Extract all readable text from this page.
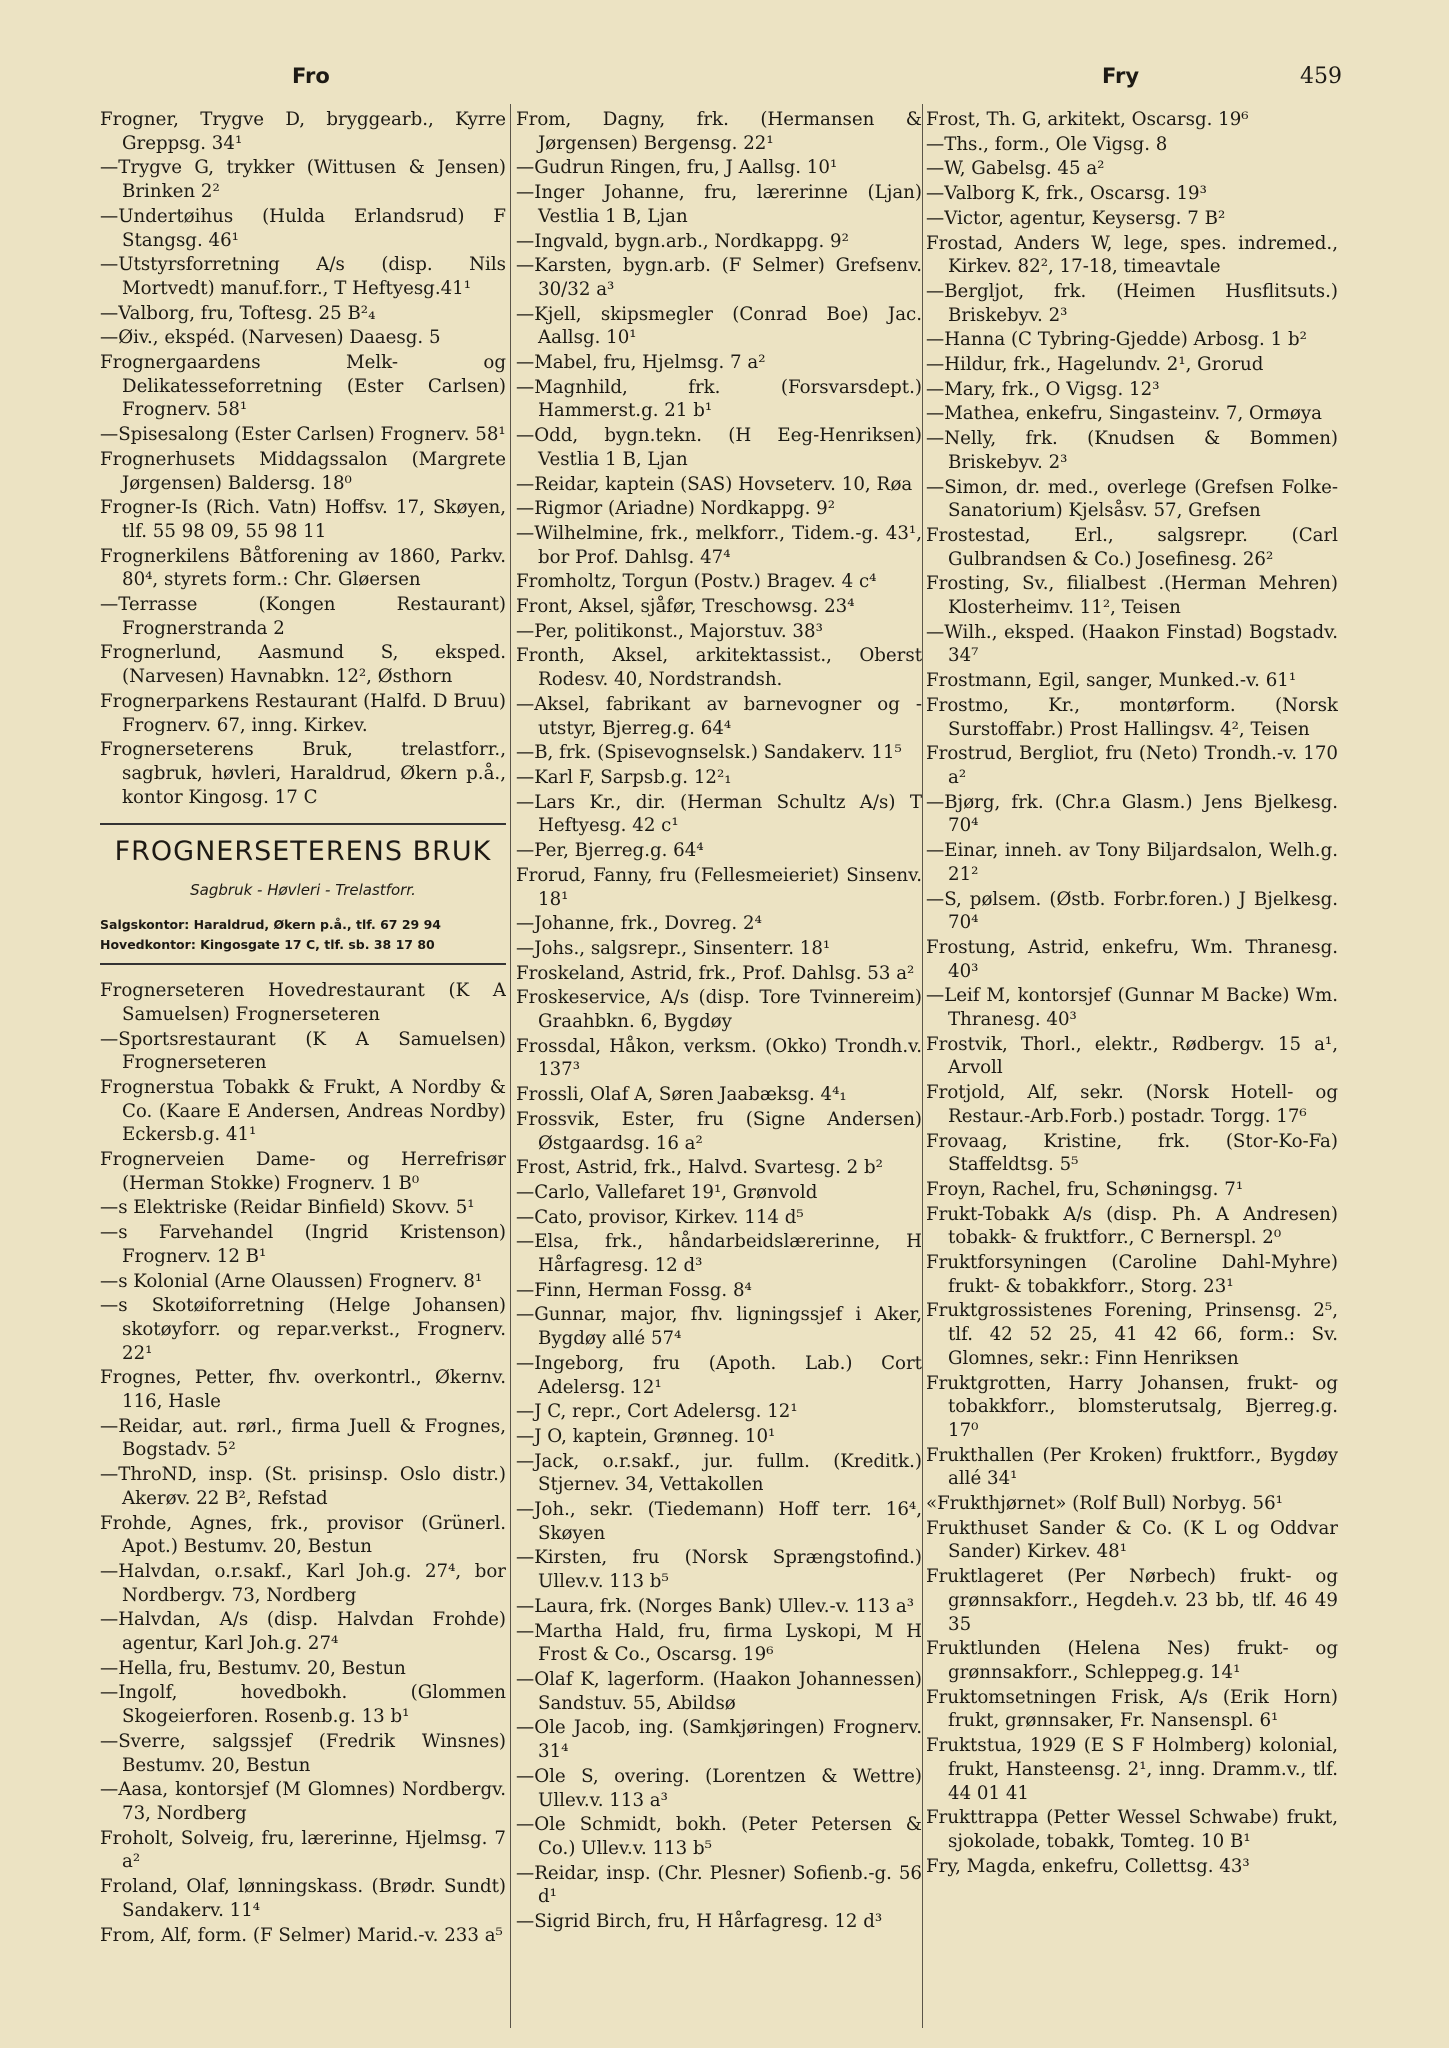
Fro	Fry	459

Frogner, Trygve D, bryggearb., Kyrre Greppsg. 34¹

—Trygve G, trykker (Wittusen & Jensen) Brinken 2²

—Undertøihus (Hulda Erlandsrud) F Stangsg. 46¹

—Utstyrsforretning A/s (disp. Nils Mortvedt) manuf.forr., T Heftyesg.41¹

—Valborg, fru, Toftesg. 25 B²₄

—Øiv., ekspéd. (Narvesen) Daaesg. 5

Frognergaardens Melk- og Delikatesseforretning (Ester Carlsen) Frognerv. 58¹

—Spisesalong (Ester Carlsen) Frognerv. 58¹

Frognerhusets Middagssalon (Margrete Jørgensen) Baldersg. 18⁰

Frogner-Is (Rich. Vatn) Hoffsv. 17, Skøyen, tlf. 55 98 09, 55 98 11

Frognerkilens Båtforening av 1860, Parkv. 80⁴, styrets form.: Chr. Gløersen

—Terrasse (Kongen Restaurant) Frognerstranda 2

Frognerlund, Aasmund S, eksped. (Narvesen) Havnabkn. 12², Østhorn

Frognerparkens Restaurant (Halfd. D Bruu) Frognerv. 67, inng. Kirkev.

Frognerseterens Bruk, trelastforr., sagbruk, høvleri, Haraldrud, Økern p.å., kontor Kingosg. 17 C

FROGNERSETERENS BRUK
Sagbruk - Høvleri - Trelastforr.
Salgskontor: Haraldrud, Økern p.å., tlf. 67 29 94
Hovedkontor: Kingosgate 17 C, tlf. sb. 38 17 80

Frognerseteren Hovedrestaurant (K A Samuelsen) Frognerseteren

—Sportsrestaurant (K A Samuelsen) Frognerseteren

Frognerstua Tobakk & Frukt, A Nordby & Co. (Kaare E Andersen, Andreas Nordby) Eckersb.g. 41¹

Frognerveien Dame- og Herrefrisør (Herman Stokke) Frognerv. 1 B⁰

—s Elektriske (Reidar Binfield) Skovv. 5¹

—s Farvehandel (Ingrid Kristenson) Frognerv. 12 B¹

—s Kolonial (Arne Olaussen) Frognerv. 8¹

—s Skotøiforretning (Helge Johansen) skotøyforr. og repar.verkst., Frognerv. 22¹

Frognes, Petter, fhv. overkontrl., Økernv. 116, Hasle

—Reidar, aut. rørl., firma Juell & Frognes, Bogstadv. 5²

—ThroND, insp. (St. prisinsp. Oslo distr.) Akerøv. 22 B², Refstad

Frohde, Agnes, frk., provisor (Grünerl. Apot.) Bestumv. 20, Bestun

—Halvdan, o.r.sakf., Karl Joh.g. 27⁴, bor Nordbergv. 73, Nordberg

—Halvdan, A/s (disp. Halvdan Frohde) agentur, Karl Joh.g. 27⁴

—Hella, fru, Bestumv. 20, Bestun

—Ingolf, hovedbokh. (Glommen Skogeierforen. Rosenb.g. 13 b¹

—Sverre, salgssjef (Fredrik Winsnes) Bestumv. 20, Bestun

—Aasa, kontorsjef (M Glomnes) Nordbergv. 73, Nordberg

Froholt, Solveig, fru, lærerinne, Hjelmsg. 7 a²

Froland, Olaf, lønningskass. (Brødr. Sundt) Sandakerv. 11⁴

From, Alf, form. (F Selmer) Marid.-v. 233 a⁵

From, Dagny, frk. (Hermansen & Jørgensen) Bergensg. 22¹

—Gudrun Ringen, fru, J Aallsg. 10¹

—Inger Johanne, fru, lærerinne (Ljan) Vestlia 1 B, Ljan

—Ingvald, bygn.arb., Nordkappg. 9²

—Karsten, bygn.arb. (F Selmer) Grefsenv. 30/32 a³

—Kjell, skipsmegler (Conrad Boe) Jac. Aallsg. 10¹

—Mabel, fru, Hjelmsg. 7 a²

—Magnhild, frk. (Forsvarsdept.) Hammerst.g. 21 b¹

—Odd, bygn.tekn. (H Eeg-Henriksen) Vestlia 1 B, Ljan

—Reidar, kaptein (SAS) Hovseterv. 10, Røa

—Rigmor (Ariadne) Nordkappg. 9²

—Wilhelmine, frk., melkforr., Tidem.-g. 43¹, bor Prof. Dahlsg. 47⁴

Fromholtz, Torgun (Postv.) Bragev. 4 c⁴

Front, Aksel, sjåfør, Treschowsg. 23⁴

—Per, politikonst., Majorstuv. 38³

Fronth, Aksel, arkitektassist., Oberst Rodesv. 40, Nordstrandsh.

—Aksel, fabrikant av barnevogner og -utstyr, Bjerreg.g. 64⁴

—B, frk. (Spisevognselsk.) Sandakerv. 11⁵

—Karl F, Sarpsb.g. 12²₁

—Lars Kr., dir. (Herman Schultz A/s) T Heftyesg. 42 c¹

—Per, Bjerreg.g. 64⁴

Frorud, Fanny, fru (Fellesmeieriet) Sinsenv. 18¹

—Johanne, frk., Dovreg. 2⁴

—Johs., salgsrepr., Sinsenterr. 18¹

Froskeland, Astrid, frk., Prof. Dahlsg. 53 a²

Froskeservice, A/s (disp. Tore Tvinnereim) Graahbkn. 6, Bygdøy

Frossdal, Håkon, verksm. (Okko) Trondh.v. 137³

Frossli, Olaf A, Søren Jaabæksg. 4⁴₁

Frossvik, Ester, fru (Signe Andersen) Østgaardsg. 16 a²

Frost, Astrid, frk., Halvd. Svartesg. 2 b²

—Carlo, Vallefaret 19¹, Grønvold

—Cato, provisor, Kirkev. 114 d⁵

—Elsa, frk., håndarbeidslærerinne, H Hårfagresg. 12 d³

—Finn, Herman Fossg. 8⁴

—Gunnar, major, fhv. ligningssjef i Aker, Bygdøy allé 57⁴

—Ingeborg, fru (Apoth. Lab.) Cort Adelersg. 12¹

—J C, repr., Cort Adelersg. 12¹

—J O, kaptein, Grønneg. 10¹

—Jack, o.r.sakf., jur. fullm. (Kreditk.) Stjernev. 34, Vettakollen

—Joh., sekr. (Tiedemann) Hoff terr. 16⁴, Skøyen

—Kirsten, fru (Norsk Sprængstofind.) Ullev.v. 113 b⁵

—Laura, frk. (Norges Bank) Ullev.-v. 113 a³

—Martha Hald, fru, firma Lyskopi, M H Frost & Co., Oscarsg. 19⁶

—Olaf K, lagerform. (Haakon Johannessen) Sandstuv. 55, Abildsø

—Ole Jacob, ing. (Samkjøringen) Frognerv. 31⁴

—Ole S, overing. (Lorentzen & Wettre) Ullev.v. 113 a³

—Ole Schmidt, bokh. (Peter Petersen & Co.) Ullev.v. 113 b⁵

—Reidar, insp. (Chr. Plesner) Sofienb.-g. 56 d¹

—Sigrid Birch, fru, H Hårfagresg. 12 d³

Frost, Th. G, arkitekt, Oscarsg. 19⁶

—Ths., form., Ole Vigsg. 8

—W, Gabelsg. 45 a²

—Valborg K, frk., Oscarsg. 19³

—Victor, agentur, Keysersg. 7 B²

Frostad, Anders W, lege, spes. indremed., Kirkev. 82², 17-18, timeavtale

—Bergljot, frk. (Heimen Husflitsuts.) Briskebyv. 2³

—Hanna (C Tybring-Gjedde) Arbosg. 1 b²

—Hildur, frk., Hagelundv. 2¹, Grorud

—Mary, frk., O Vigsg. 12³

—Mathea, enkefru, Singasteinv. 7, Ormøya

—Nelly, frk. (Knudsen & Bommen) Briskebyv. 2³

—Simon, dr. med., overlege (Grefsen Folke-Sanatorium) Kjelsåsv. 57, Grefsen

Frostestad, Erl., salgsrepr. (Carl Gulbrandsen & Co.) Josefinesg. 26²

Frosting, Sv., filialbest .(Herman Mehren) Klosterheimv. 11², Teisen

—Wilh., eksped. (Haakon Finstad) Bogstadv. 34⁷

Frostmann, Egil, sanger, Munked.-v. 61¹

Frostmo, Kr., montørform. (Norsk Surstoffabr.) Prost Hallingsv. 4², Teisen

Frostrud, Bergliot, fru (Neto) Trondh.-v. 170 a²

—Bjørg, frk. (Chr.a Glasm.) Jens Bjelkesg. 70⁴

—Einar, inneh. av Tony Biljardsalon, Welh.g. 21²

—S, pølsem. (Østb. Forbr.foren.) J Bjelkesg. 70⁴

Frostung, Astrid, enkefru, Wm. Thranesg. 40³

—Leif M, kontorsjef (Gunnar M Backe) Wm. Thranesg. 40³

Frostvik, Thorl., elektr., Rødbergv. 15 a¹, Arvoll

Frotjold, Alf, sekr. (Norsk Hotell- og Restaur.-Arb.Forb.) postadr. Torgg. 17⁶

Frovaag, Kristine, frk. (Stor-Ko-Fa) Staffeldtsg. 5⁵

Froyn, Rachel, fru, Schøningsg. 7¹

Frukt-Tobakk A/s (disp. Ph. A Andresen) tobakk- & fruktforr., C Bernerspl. 2⁰

Fruktforsyningen (Caroline Dahl-Myhre) frukt- & tobakkforr., Storg. 23¹

Fruktgrossistenes Forening, Prinsensg. 2⁵, tlf. 42 52 25, 41 42 66, form.: Sv. Glomnes, sekr.: Finn Henriksen

Fruktgrotten, Harry Johansen, frukt- og tobakkforr., blomsterutsalg, Bjerreg.g. 17⁰

Frukthallen (Per Kroken) fruktforr., Bygdøy allé 34¹

«Frukthjørnet» (Rolf Bull) Norbyg. 56¹

Frukthuset Sander & Co. (K L og Oddvar Sander) Kirkev. 48¹

Fruktlageret (Per Nørbech) frukt- og grønnsakforr., Hegdeh.v. 23 bb, tlf. 46 49 35

Fruktlunden (Helena Nes) frukt- og grønnsakforr., Schleppeg.g. 14¹

Fruktomsetningen Frisk, A/s (Erik Horn) frukt, grønnsaker, Fr. Nansenspl. 6¹

Fruktstua, 1929 (E S F Holmberg) kolonial, frukt, Hansteensg. 2¹, inng. Dramm.v., tlf. 44 01 41

Frukttrappa (Petter Wessel Schwabe) frukt, sjokolade, tobakk, Tomteg. 10 B¹

Fry, Magda, enkefru, Collettsg. 43³
